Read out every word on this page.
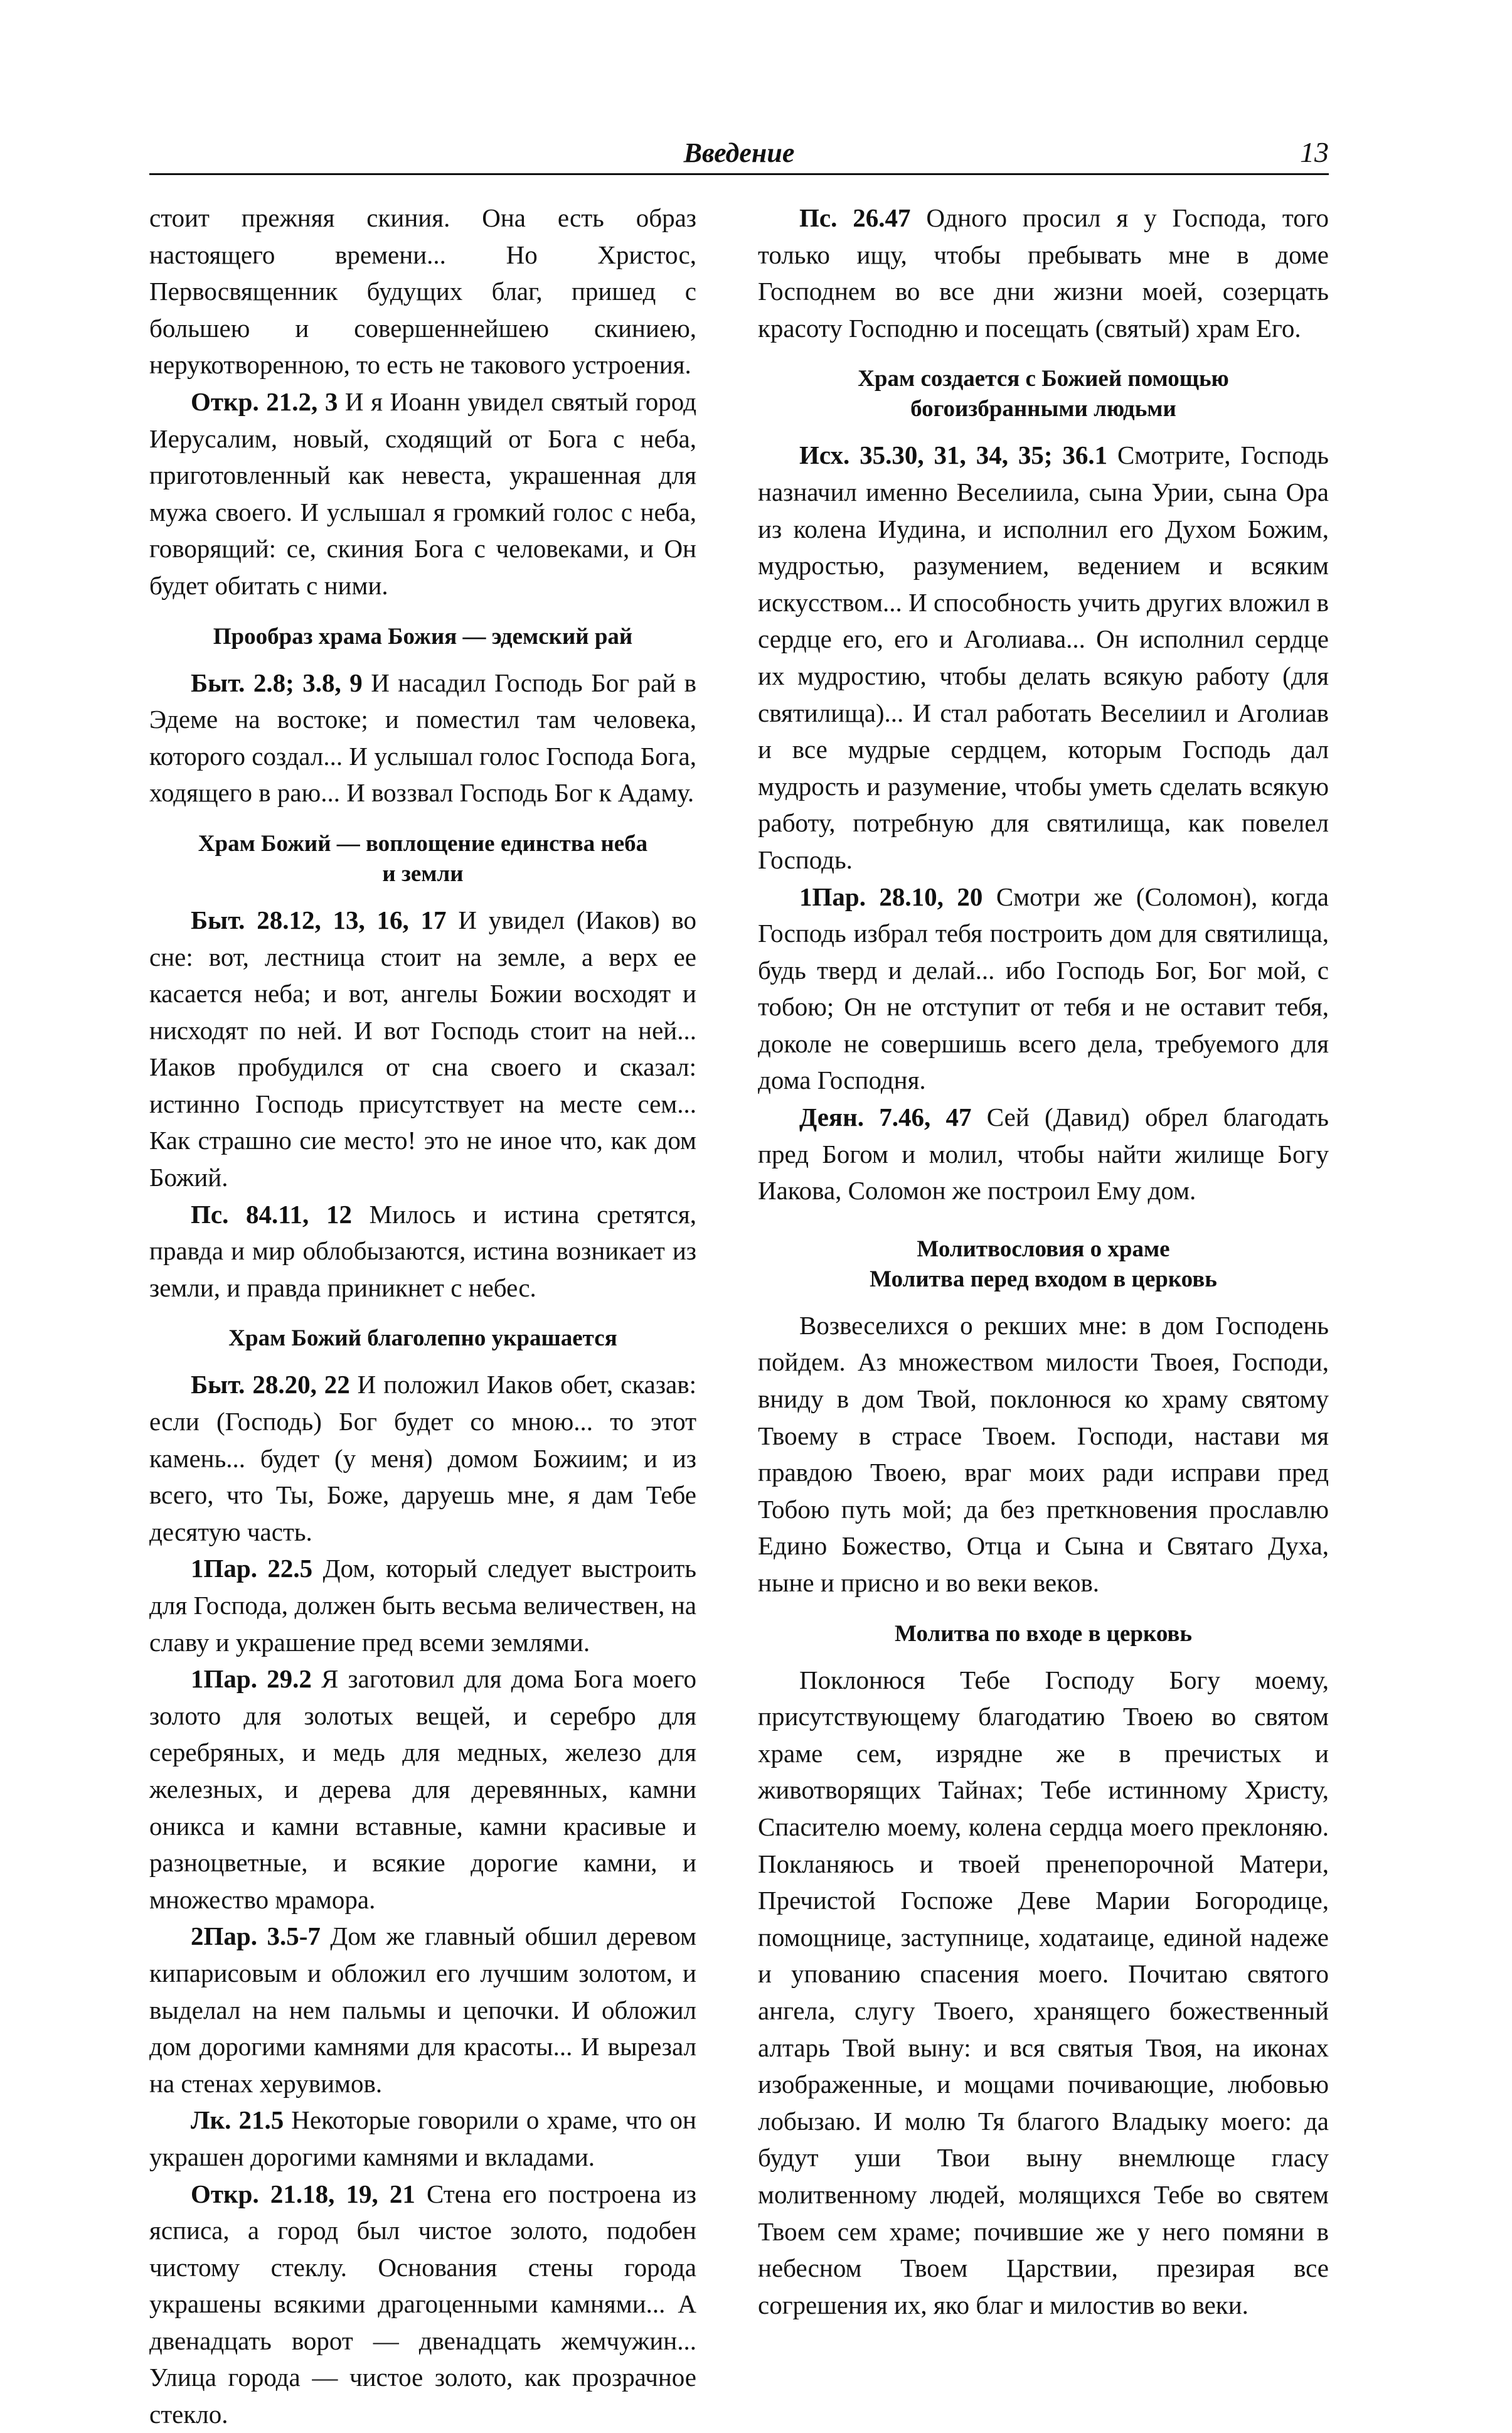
Введение	13

стоит прежняя скиния. Она есть образ настоящего времени... Но Христос, Первосвященник будущих благ, пришед с большею и совершеннейшею скиниею, нерукотворенною, то есть не такового устроения.

Откр. 21.2, 3 И я Иоанн увидел святый город Иерусалим, новый, сходящий от Бога с неба, приготовленный как невеста, украшенная для мужа своего. И услышал я громкий голос с неба, говорящий: се, скиния Бога с человеками, и Он будет обитать с ними.

Прообраз храма Божия — эдемский рай

Быт. 2.8; 3.8, 9 И насадил Господь Бог рай в Эдеме на востоке; и поместил там человека, которого создал... И услышал голос Господа Бога, ходящего в раю... И воззвал Господь Бог к Адаму.

Храм Божий — воплощение единства неба и земли

Быт. 28.12, 13, 16, 17 И увидел (Иаков) во сне: вот, лестница стоит на земле, а верх ее касается неба; и вот, ангелы Божии восходят и нисходят по ней. И вот Господь стоит на ней... Иаков пробудился от сна своего и сказал: истинно Господь присутствует на месте сем... Как страшно сие место! это не иное что, как дом Божий.

Пс. 84.11, 12 Милось и истина сретятся, правда и мир облобызаются, истина возникает из земли, и правда приникнет с небес.

Храм Божий благолепно украшается

Быт. 28.20, 22 И положил Иаков обет, сказав: если (Господь) Бог будет со мною... то этот камень... будет (у меня) домом Божиим; и из всего, что Ты, Боже, даруешь мне, я дам Тебе десятую часть.

1Пар. 22.5 Дом, который следует выстроить для Господа, должен быть весьма величествен, на славу и украшение пред всеми землями.

1Пар. 29.2 Я заготовил для дома Бога моего золото для золотых вещей, и серебро для серебряных, и медь для медных, железо для железных, и дерева для деревянных, камни оникса и камни вставные, камни красивые и разноцветные, и всякие дорогие камни, и множество мрамора.

2Пар. 3.5-7 Дом же главный обшил деревом кипарисовым и обложил его лучшим золотом, и выделал на нем пальмы и цепочки. И обложил дом дорогими камнями для красоты... И вырезал на стенах херувимов.

Лк. 21.5 Некоторые говорили о храме, что он украшен дорогими камнями и вкладами.

Откр. 21.18, 19, 21 Стена его построена из яспиcа, а город был чистое золото, подобен чистому стеклу. Основания стены города украшены всякими драгоценными камнями... А двенадцать ворот — двенадцать жемчужин... Улица города — чистое золото, как прозрачное стекло.

Пс. 26.47 Одного просил я у Господа, того только ищу, чтобы пребывать мне в доме Господнем во все дни жизни моей, созерцать красоту Господню и посещать (святый) храм Его.

Храм создается с Божией помощью богоизбранными людьми

Исх. 35.30, 31, 34, 35; 36.1 Смотрите, Господь назначил именно Веселиила, сына Урии, сына Ора из колена Иудина, и исполнил его Духом Божим, мудростью, разумением, ведением и всяким искусством... И способность учить других вложил в сердце его, его и Аголиава... Он исполнил сердце их мудростию, чтобы делать всякую работу (для святилища)... И стал работать Веселиил и Аголиав и все мудрые сердцем, которым Господь дал мудрость и разумение, чтобы уметь сделать всякую работу, потребную для святилища, как повелел Господь.

1Пар. 28.10, 20 Смотри же (Соломон), когда Господь избрал тебя построить дом для святилища, будь тверд и делай... ибо Господь Бог, Бог мой, с тобою; Он не отступит от тебя и не оставит тебя, доколе не совершишь всего дела, требуемого для дома Господня.

Деян. 7.46, 47 Сей (Давид) обрел благодать пред Богом и молил, чтобы найти жилище Богу Иакова, Соломон же построил Ему дом.

Молитвословия о храме
Молитва перед входом в церковь

Возвеселихся о рекших мне: в дом Господень пойдем. Аз множеством милости Твоея, Господи, вниду в дом Твой, поклонюся ко храму святому Твоему в страсе Твоем. Господи, настави мя правдою Твоею, враг моих ради исправи пред Тобою путь мой; да без преткновения прославлю Едино Божество, Отца и Сына и Святаго Духа, ныне и присно и во веки веков.

Молитва по входе в церковь

Поклонюся Тебе Господу Богу моему, присутствующему благодатию Твоею во святом храме сем, изрядне же в пречистых и животворящих Тайнах; Тебе истинному Христу, Спасителю моему, колена сердца моего преклоняю. Покланяюсь и твоей пренепорочной Матери, Пречистой Госпоже Деве Марии Богородице, помощнице, заступнице, ходатаице, единой надеже и упованию спасения моего. Почитаю святого ангела, слугу Твоего, хранящего божественный алтарь Твой выну: и вся святыя Твоя, на иконах изображенные, и мощами почивающие, любовью лобызаю. И молю Тя благого Владыку моего: да будут уши Твои выну внемлюще гласу молитвенному людей, молящихся Тебе во святем Твоем сем храме; почившие же у него помяни в небесном Твоем Царствии, презирая все согрешения их, яко благ и милостив во веки.
